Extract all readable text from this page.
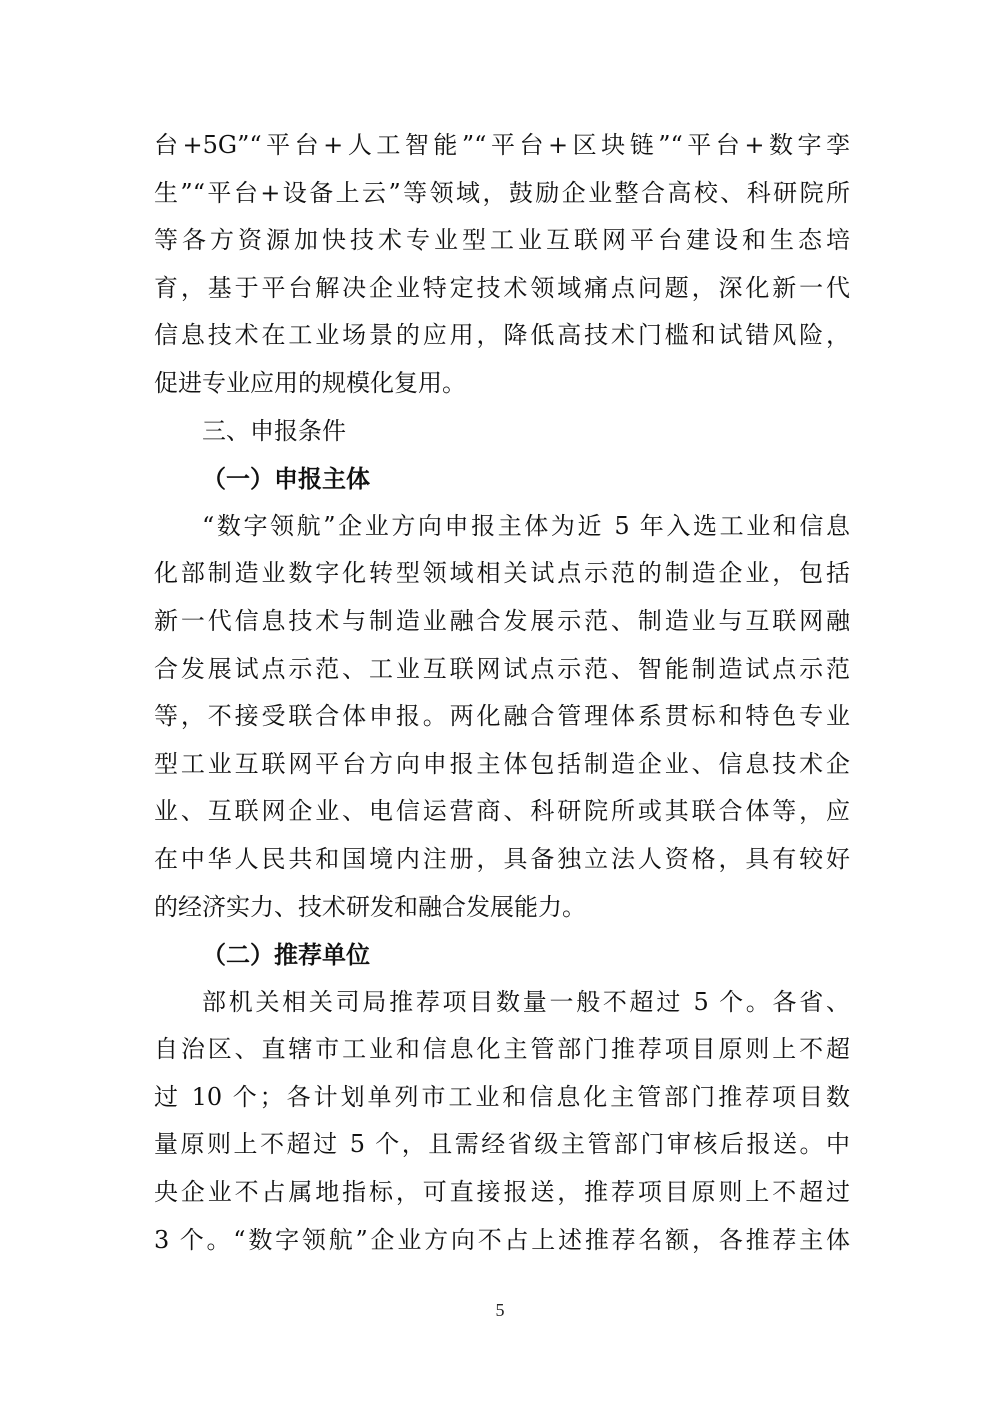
台+5G”“平台+人工智能”“平台+区块链”“平台+数字孪
生”“平台+设备上云”等领域，鼓励企业整合高校、科研院所
等各方资源加快技术专业型工业互联网平台建设和生态培
育，基于平台解决企业特定技术领域痛点问题，深化新一代
信息技术在工业场景的应用，降低高技术门槛和试错风险，
促进专业应用的规模化复用。
三、申报条件
（一）申报主体
“数字领航”企业方向申报主体为近 5 年入选工业和信息
化部制造业数字化转型领域相关试点示范的制造企业，包括
新一代信息技术与制造业融合发展示范、制造业与互联网融
合发展试点示范、工业互联网试点示范、智能制造试点示范
等，不接受联合体申报。两化融合管理体系贯标和特色专业
型工业互联网平台方向申报主体包括制造企业、信息技术企
业、互联网企业、电信运营商、科研院所或其联合体等，应
在中华人民共和国境内注册，具备独立法人资格，具有较好
的经济实力、技术研发和融合发展能力。
（二）推荐单位
部机关相关司局推荐项目数量一般不超过 5 个。各省、
自治区、直辖市工业和信息化主管部门推荐项目原则上不超
过 10 个；各计划单列市工业和信息化主管部门推荐项目数
量原则上不超过 5 个，且需经省级主管部门审核后报送。中
央企业不占属地指标，可直接报送，推荐项目原则上不超过
3 个。“数字领航”企业方向不占上述推荐名额，各推荐主体
5
